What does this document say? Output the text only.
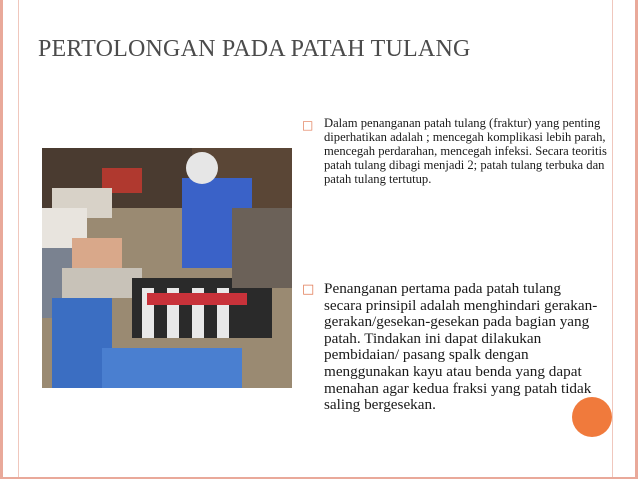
PERTOLONGAN PADA PATAH TULANG
□ Dalam penanganan patah tulang (fraktur) yang penting diperhatikan adalah ; mencegah komplikasi lebih parah, mencegah perdarahan, mencegah infeksi. Secara teoritis patah tulang dibagi menjadi 2; patah tulang terbuka dan patah tulang tertutup.
□ Penanganan pertama pada patah tulang secara prinsipil adalah menghindari gerakan-gerakan/gesekan-gesekan pada bagian yang patah. Tindakan ini dapat dilakukan pembidaian/ pasang spalk dengan menggunakan kayu atau benda yang dapat menahan agar kedua fraksi yang patah tidak saling bergesekan.
